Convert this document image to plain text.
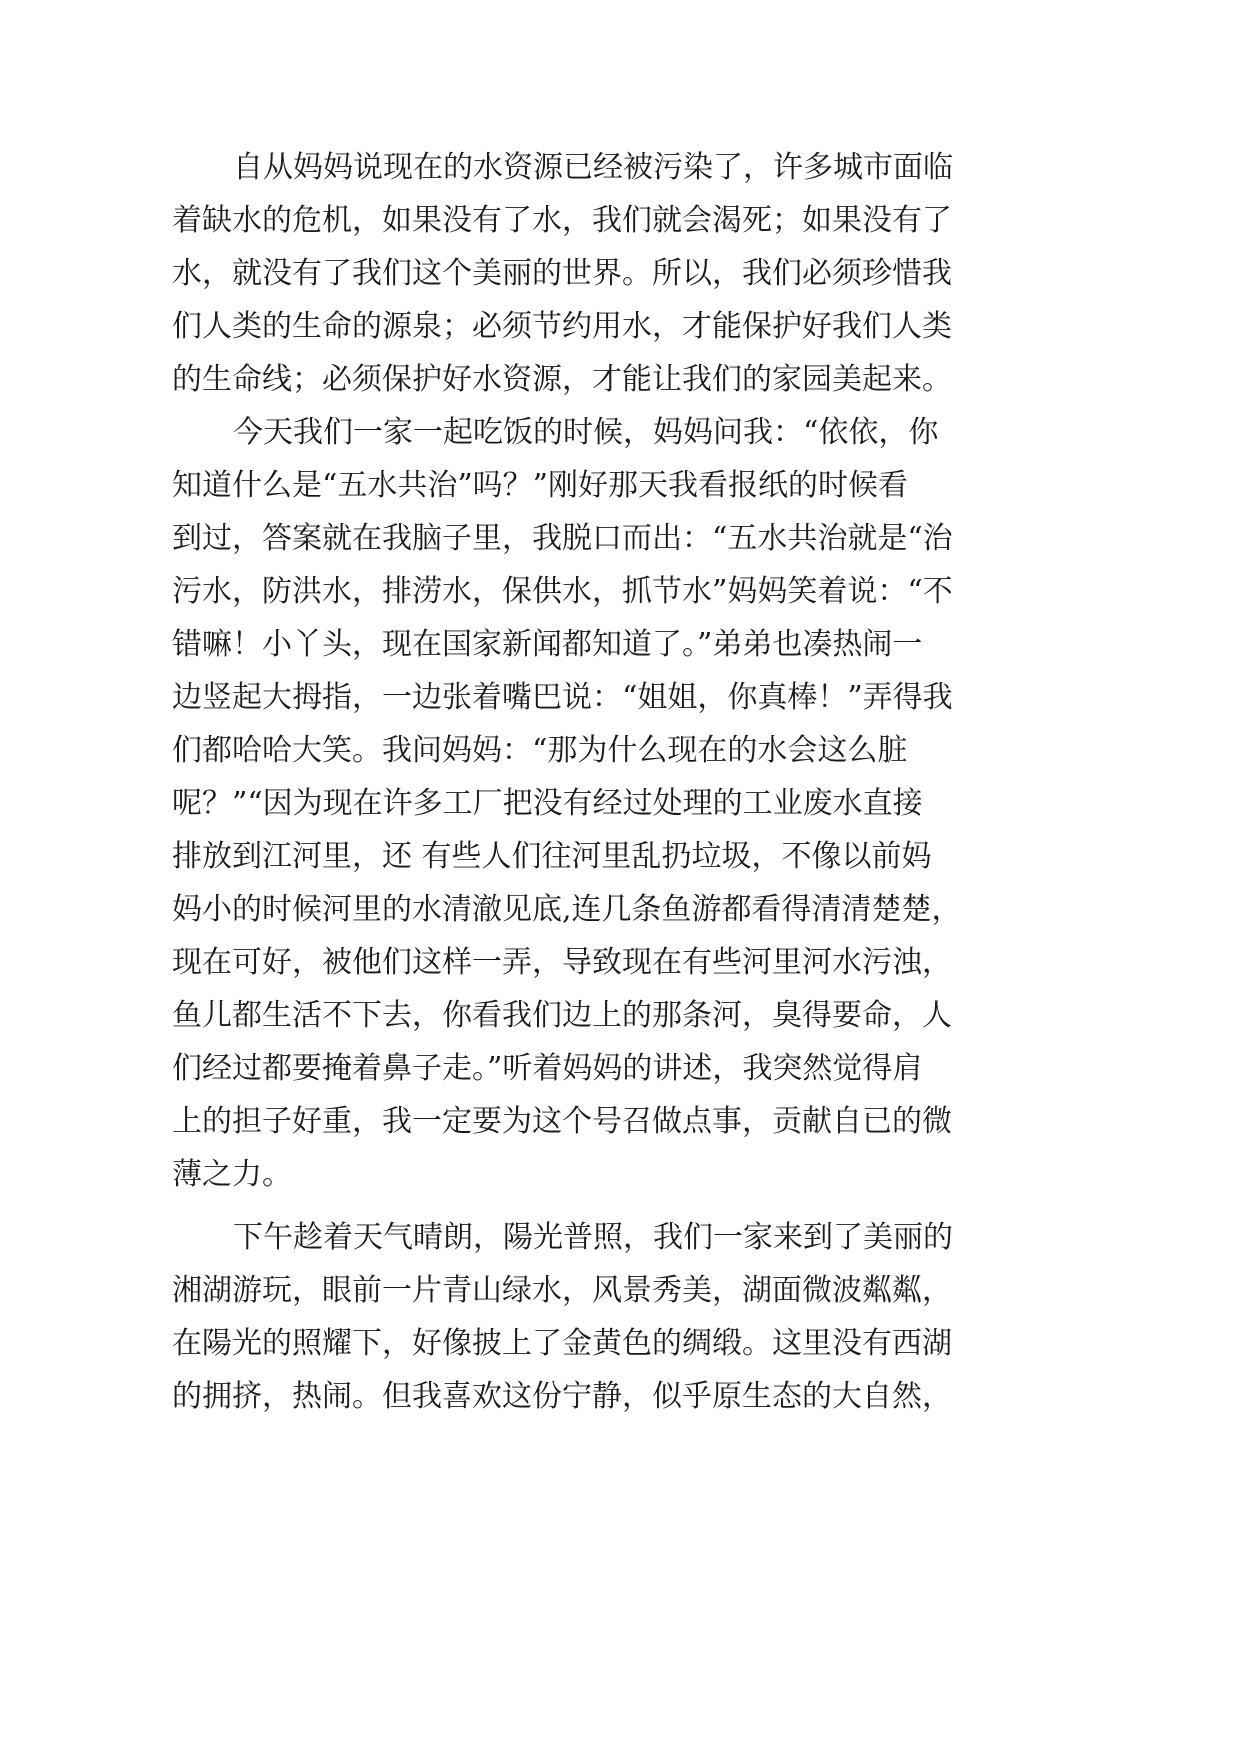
自从妈妈说现在的水资源已经被污染了，许多城市面临
着缺水的危机，如果没有了水，我们就会渴死；如果没有了
水，就没有了我们这个美丽的世界。所以，我们必须珍惜我
们人类的生命的源泉；必须节约用水，才能保护好我们人类
的生命线；必须保护好水资源，才能让我们的家园美起来。
今天我们一家一起吃饭的时候，妈妈问我：“依依，你
知道什么是“五水共治”吗？”刚好那天我看报纸的时候看
到过，答案就在我脑子里，我脱口而出：“五水共治就是“治
污水，防洪水，排涝水，保供水，抓节水”妈妈笑着说：“不
错嘛！小丫头，现在国家新闻都知道了。”弟弟也凑热闹一
边竖起大拇指，一边张着嘴巴说：“姐姐，你真棒！”弄得我
们都哈哈大笑。我问妈妈：“那为什么现在的水会这么脏
呢？”“因为现在许多工厂把没有经过处理的工业废水直接
排放到江河里，还 有些人们往河里乱扔垃圾，不像以前妈
妈小的时候河里的水清澈见底,连几条鱼游都看得清清楚楚，
现在可好，被他们这样一弄，导致现在有些河里河水污浊，
鱼儿都生活不下去，你看我们边上的那条河，臭得要命，人
们经过都要掩着鼻子走。”听着妈妈的讲述，我突然觉得肩
上的担子好重，我一定要为这个号召做点事，贡献自已的微
薄之力。
下午趁着天气晴朗，陽光普照，我们一家来到了美丽的
湘湖游玩，眼前一片青山绿水，风景秀美，湖面微波粼粼，
在陽光的照耀下，好像披上了金黄色的绸缎。这里没有西湖
的拥挤，热闹。但我喜欢这份宁静，似乎原生态的大自然，
